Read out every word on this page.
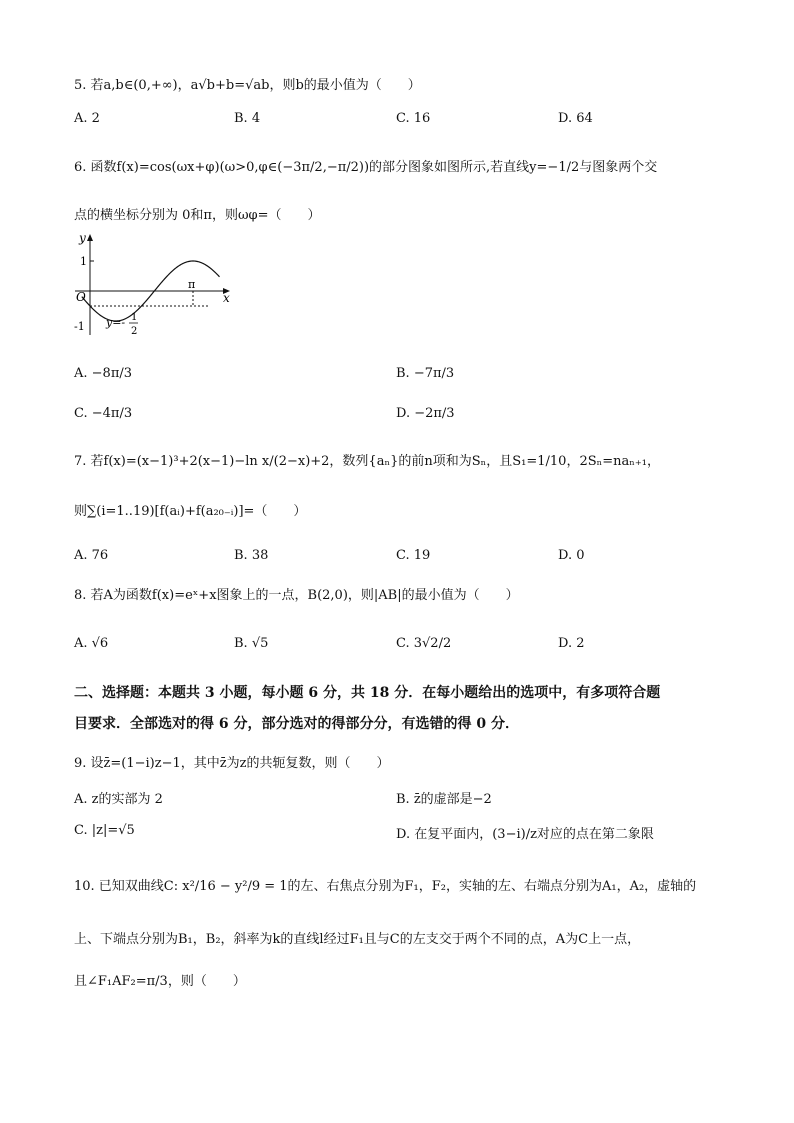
5. 若a,b∈(0,+∞)，a√b+b=√ab，则b的最小值为（　　）
A. 2	B. 4	C. 16	D. 64
6. 函数f(x)=cos(ωx+φ)(ω>0,φ∈(−3π/2,−π/2))的部分图象如图所示,若直线y=−1/2与图象两个交
点的横坐标分别为 0和π，则ωφ=（　　）
y
x
O
1
-1
π
y=- 1
2
A. −8π/3	B. −7π/3
C. −4π/3	D. −2π/3
7. 若f(x)=(x−1)³+2(x−1)−ln x/(2−x)+2，数列{aₙ}的前n项和为Sₙ，且S₁=1/10，2Sₙ=naₙ₊₁，
则∑(i=1..19)[f(aᵢ)+f(a₂₀₋ᵢ)]=（　　）
A. 76	B. 38	C. 19	D. 0
8. 若A为函数f(x)=eˣ+x图象上的一点，B(2,0)，则|AB|的最小值为（　　）
A. √6	B. √5	C. 3√2/2	D. 2
二、选择题：本题共 3 小题，每小题 6 分，共 18 分．在每小题给出的选项中，有多项符合题
目要求．全部选对的得 6 分，部分选对的得部分分，有选错的得 0 分．
9. 设z̄=(1−i)z−1，其中z̄为z的共轭复数，则（　　）
A. z的实部为 2	B. z̄的虚部是−2
C. |z|=√5	D. 在复平面内，(3−i)/z对应的点在第二象限
10. 已知双曲线C: x²/16 − y²/9 = 1的左、右焦点分别为F₁，F₂，实轴的左、右端点分别为A₁，A₂，虚轴的
上、下端点分别为B₁，B₂，斜率为k的直线l经过F₁且与C的左支交于两个不同的点，A为C上一点，
且∠F₁AF₂=π/3，则（　　）
